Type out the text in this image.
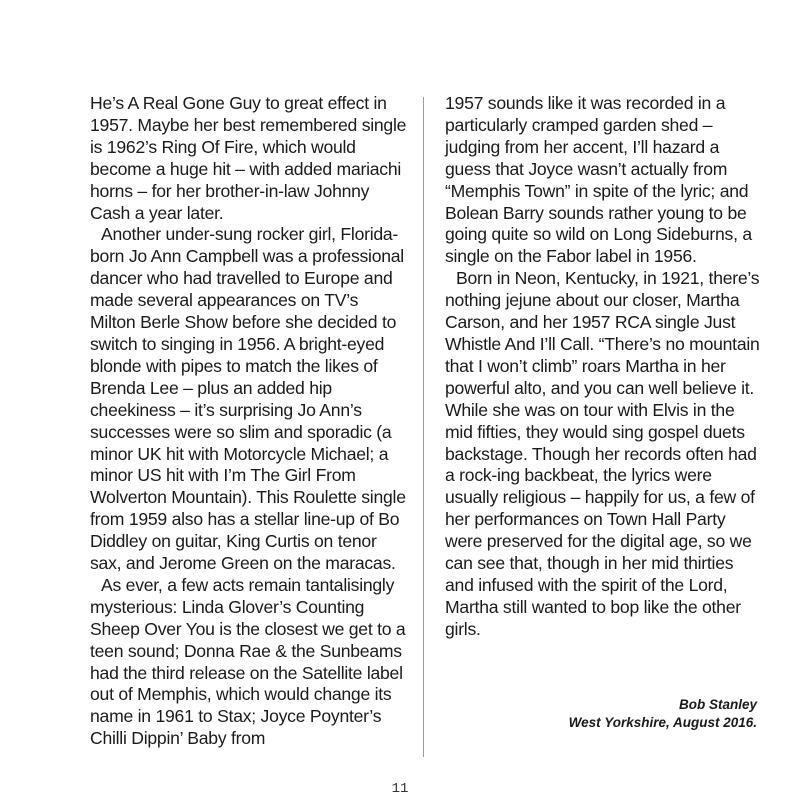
He’s A Real Gone Guy to great effect in 1957. Maybe her best remembered single is 1962’s Ring Of Fire, which would become a huge hit – with added mariachi horns – for her brother-in-law Johnny Cash a year later.

Another under-sung rocker girl, Florida-born Jo Ann Campbell was a professional dancer who had travelled to Europe and made several appearances on TV’s Milton Berle Show before she decided to switch to singing in 1956. A bright-eyed blonde with pipes to match the likes of Brenda Lee – plus an added hip cheekiness – it’s surprising Jo Ann’s successes were so slim and sporadic (a minor UK hit with Motorcycle Michael; a minor US hit with I’m The Girl From Wolverton Mountain). This Roulette single from 1959 also has a stellar line-up of Bo Diddley on guitar, King Curtis on tenor sax, and Jerome Green on the maracas.

As ever, a few acts remain tantalisingly mysterious: Linda Glover’s Counting Sheep Over You is the closest we get to a teen sound; Donna Rae & the Sunbeams had the third release on the Satellite label out of Memphis, which would change its name in 1961 to Stax; Joyce Poynter’s Chilli Dippin’ Baby from

1957 sounds like it was recorded in a particularly cramped garden shed – judging from her accent, I’ll hazard a guess that Joyce wasn’t actually from “Memphis Town” in spite of the lyric; and Bolean Barry sounds rather young to be going quite so wild on Long Sideburns, a single on the Fabor label in 1956.

Born in Neon, Kentucky, in 1921, there’s nothing jejune about our closer, Martha Carson, and her 1957 RCA single Just Whistle And I’ll Call. “There’s no mountain that I won’t climb” roars Martha in her powerful alto, and you can well believe it. While she was on tour with Elvis in the mid fifties, they would sing gospel duets backstage. Though her records often had a rock-ing backbeat, the lyrics were usually religious – happily for us, a few of her performances on Town Hall Party were preserved for the digital age, so we can see that, though in her mid thirties and infused with the spirit of the Lord, Martha still wanted to bop like the other girls.

Bob Stanley
West Yorkshire, August 2016.
11
